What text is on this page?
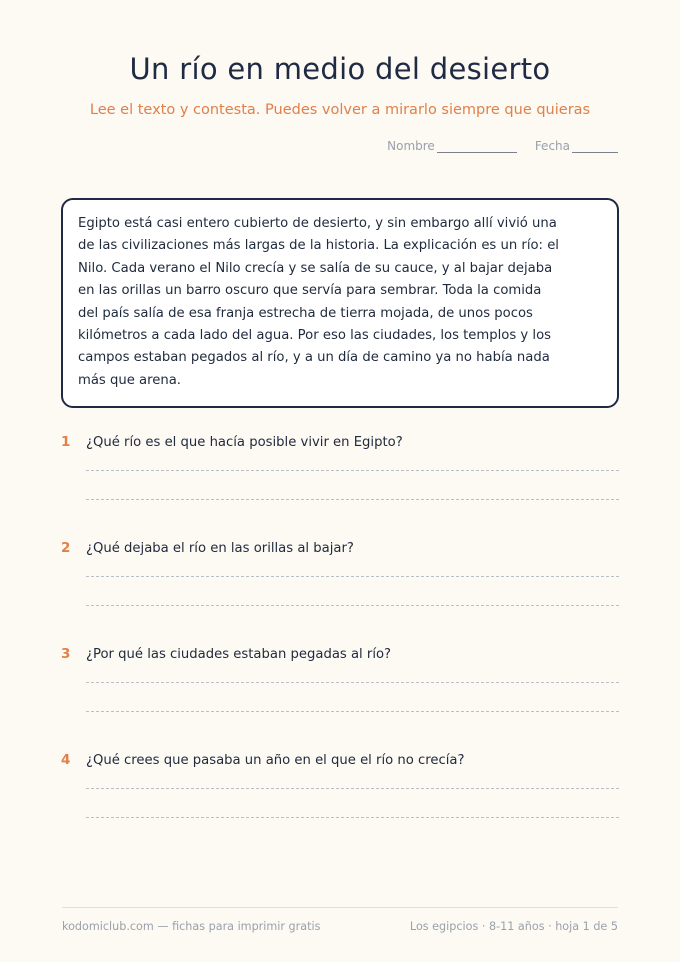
Un río en medio del desierto
Lee el texto y contesta. Puedes volver a mirarlo siempre que quieras
Nombre	Fecha
Egipto está casi entero cubierto de desierto, y sin embargo allí vivió una
de las civilizaciones más largas de la historia. La explicación es un río: el
Nilo. Cada verano el Nilo crecía y se salía de su cauce, y al bajar dejaba
en las orillas un barro oscuro que servía para sembrar. Toda la comida
del país salía de esa franja estrecha de tierra mojada, de unos pocos
kilómetros a cada lado del agua. Por eso las ciudades, los templos y los
campos estaban pegados al río, y a un día de camino ya no había nada
más que arena.
1	¿Qué río es el que hacía posible vivir en Egipto?
2	¿Qué dejaba el río en las orillas al bajar?
3	¿Por qué las ciudades estaban pegadas al río?
4	¿Qué crees que pasaba un año en el que el río no crecía?
kodomiclub.com — fichas para imprimir gratis	Los egipcios · 8-11 años · hoja 1 de 5
